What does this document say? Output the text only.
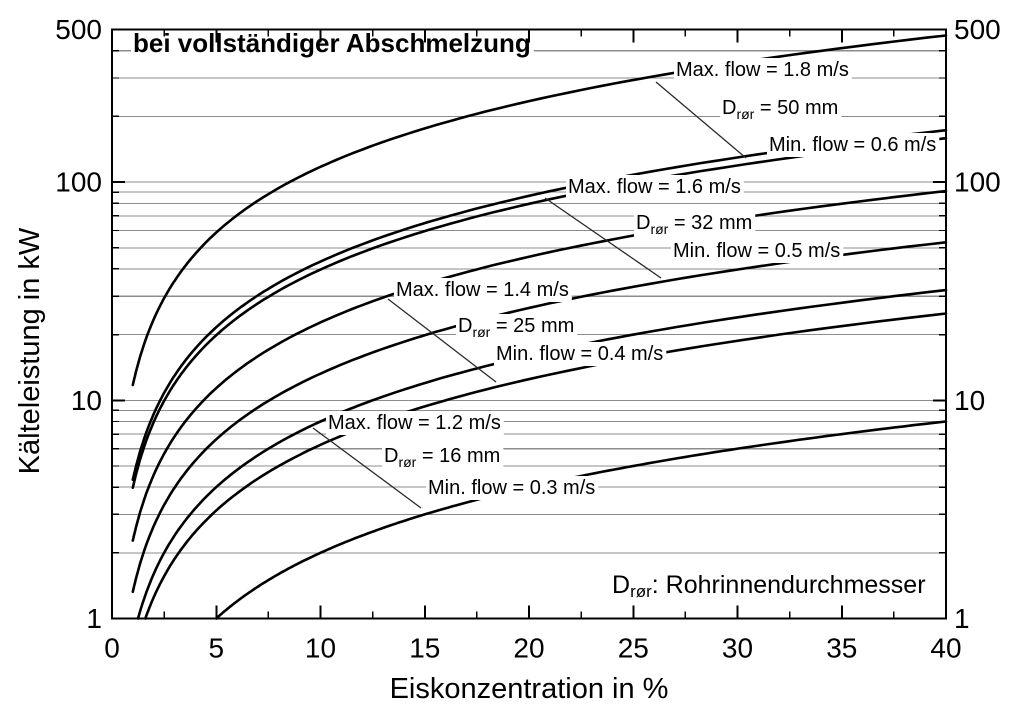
Max. flow = 1.8 m/s
$D_{rør} = 50$ mm
Min. flow = 0.6 m/s
Max. flow = 1.6 m/s
$D_{rør} = 32$ mm
Min. flow = 0.5 m/s
Max. flow = 1.4 m/s
$D_{rør} = 25$ mm
Min. flow = 0.4 m/s
Max. flow = 1.2 m/s
$D_{rør} = 16$ mm
Min. flow = 0.3 m/s
$D_{rør}$: Rohrinnendurchmesser
bei vollständiger Abschmelzung
500	500
100	100
10	10
1	1
0	5	10	15	20	25	30	35	40
Eiskonzentration in %
Kälteleistung in kW
